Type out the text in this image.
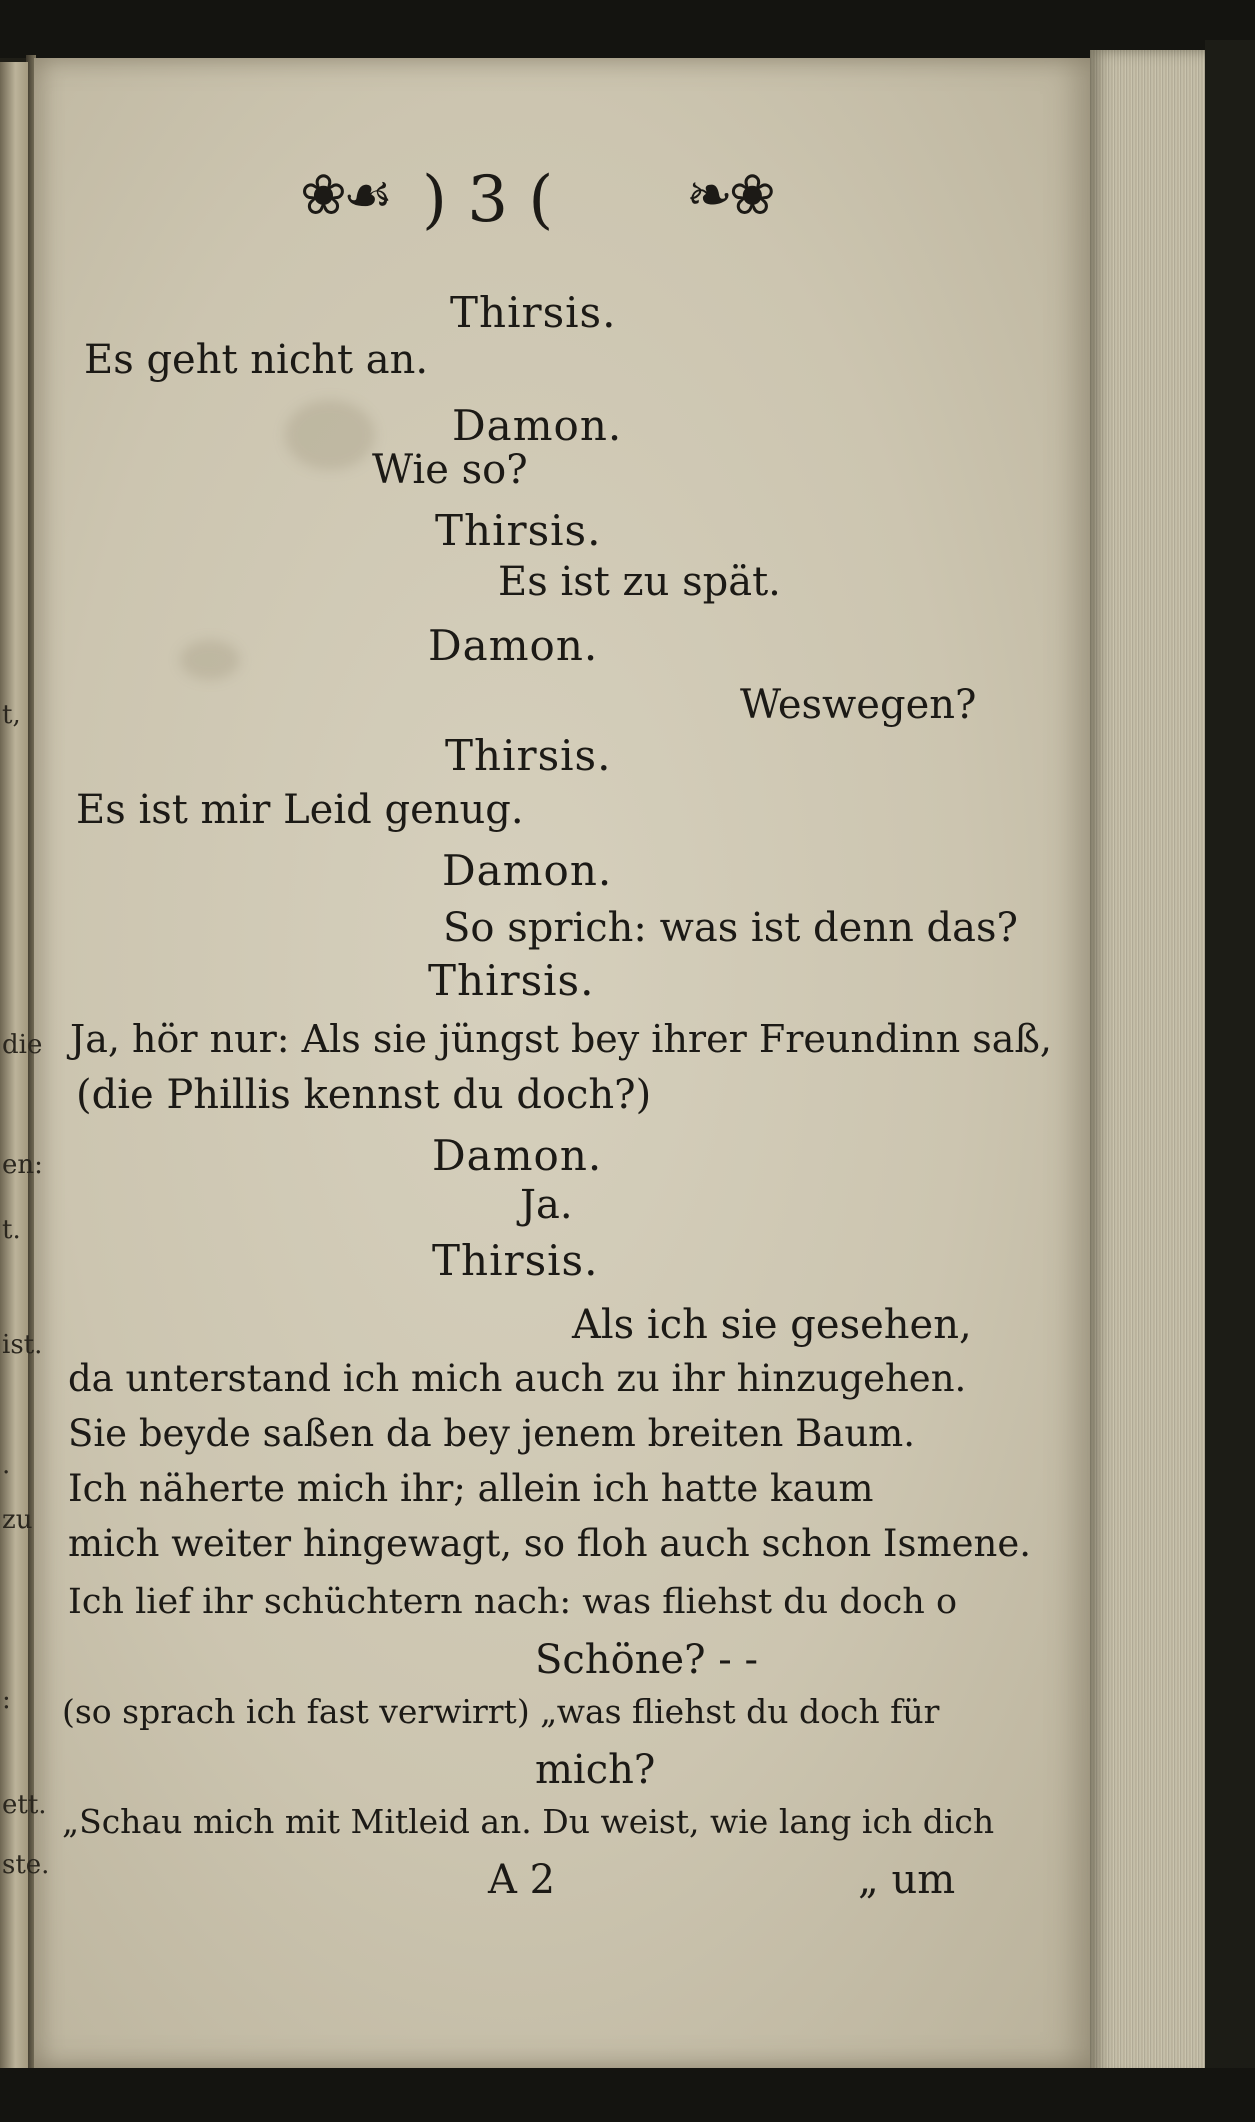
t,
die
en:
t.
ist.
.
zu
:
ett.
ste.
❀☙ ) 3 ( ❧❀
Thirsis.
Es geht nicht an.
Damon.
Wie so?
Thirsis.
Es ist zu spät.
Damon.
Weswegen?
Thirsis.
Es ist mir Leid genug.
Damon.
So sprich: was ist denn das?
Thirsis.
Ja, hör nur: Als sie jüngst bey ihrer Freundinn saß,
(die Phillis kennst du doch?)
Damon.
Ja.
Thirsis.
Als ich sie gesehen,
da unterstand ich mich auch zu ihr hinzugehen.
Sie beyde saßen da bey jenem breiten Baum.
Ich näherte mich ihr; allein ich hatte kaum
mich weiter hingewagt, so floh auch schon Ismene.
Ich lief ihr schüchtern nach: was fliehst du doch o
Schöne? - -
(so sprach ich fast verwirrt) „was fliehst du doch für
mich?
„Schau mich mit Mitleid an. Du weist, wie lang ich dich
A 2	„ um
